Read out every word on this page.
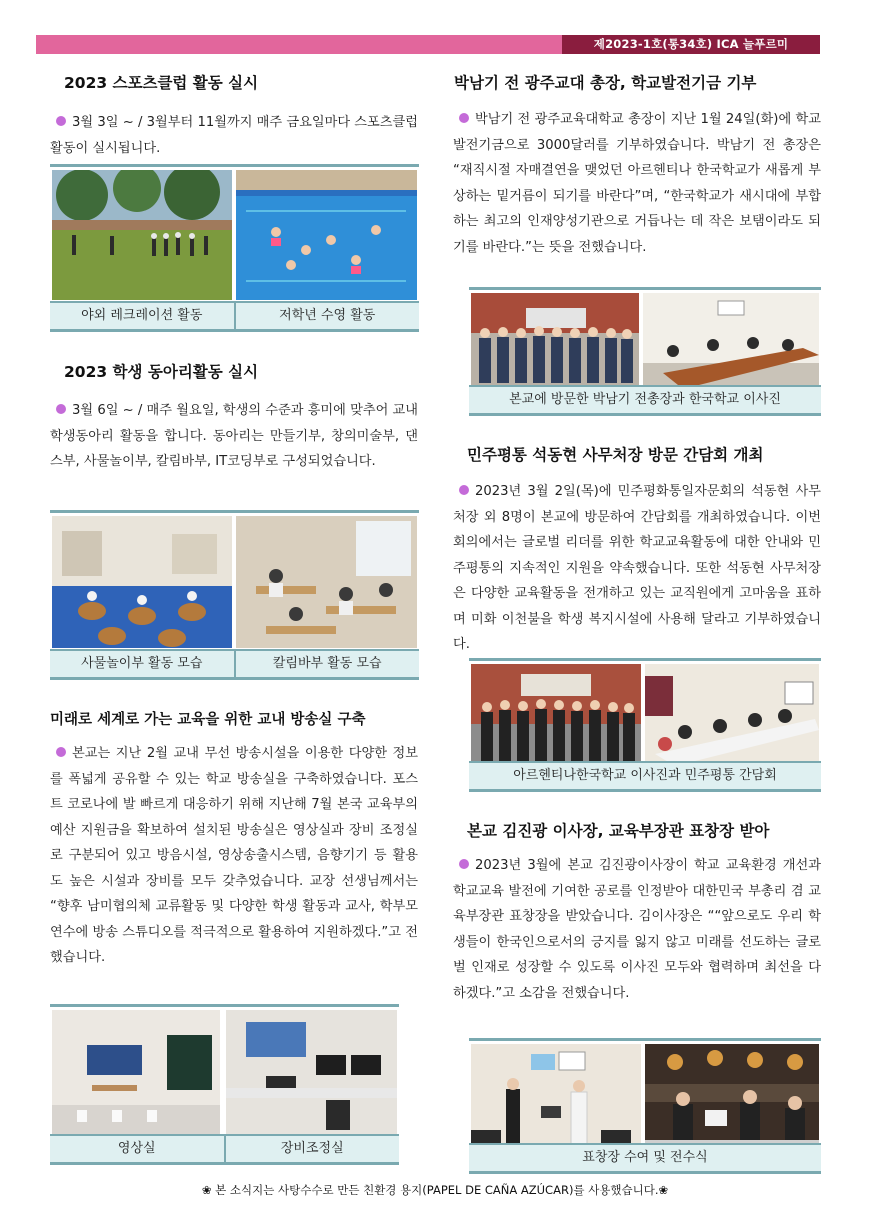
제2023-1호(통34호) ICA 늘푸르미
2023 스포츠클럽 활동 실시
3월 3일 ~ / 3월부터 11월까지 매주 금요일마다 스포츠클럽 활동이 실시됩니다.
야외 레크레이션 활동	저학년 수영 활동
2023 학생 동아리활동 실시
3월 6일 ~ / 매주 월요일, 학생의 수준과 흥미에 맞추어 교내 학생동아리 활동을 합니다. 동아리는 만들기부, 창의미술부, 댄스부, 사물놀이부, 칼림바부, IT코딩부로 구성되었습니다.
사물놀이부 활동 모습	칼림바부 활동 모습
미래로 세계로 가는 교육을 위한 교내 방송실 구축
본교는 지난 2월 교내 무선 방송시설을 이용한 다양한 정보를 폭넓게 공유할 수 있는 학교 방송실을 구축하였습니다. 포스트 코로나에 발 빠르게 대응하기 위해 지난해 7월 본국 교육부의 예산 지원금을 확보하여 설치된 방송실은 영상실과 장비 조정실로 구분되어 있고 방음시설, 영상송출시스템, 음향기기 등 활용도 높은 시설과 장비를 모두 갖추었습니다. 교장 선생님께서는 “향후 남미협의체 교류활동 및 다양한 학생 활동과 교사, 학부모 연수에 방송 스튜디오를 적극적으로 활용하여 지원하겠다.”고 전했습니다.
영상실	장비조정실
박남기 전 광주교대 총장, 학교발전기금 기부
박남기 전 광주교육대학교 총장이 지난 1월 24일(화)에 학교발전기금으로 3000달러를 기부하였습니다. 박남기 전 총장은 “재직시절 자매결연을 맺었던 아르헨티나 한국학교가 새롭게 부상하는 밑거름이 되기를 바란다”며, “한국학교가 새시대에 부합하는 최고의 인재양성기관으로 거듭나는 데 작은 보탬이라도 되기를 바란다.”는 뜻을 전했습니다.
본교에 방문한 박남기 전총장과 한국학교 이사진
민주평통 석동현 사무처장 방문 간담회 개최
2023년 3월 2일(목)에 민주평화통일자문회의 석동현 사무처장 외 8명이 본교에 방문하여 간담회를 개최하였습니다. 이번 회의에서는 글로벌 리더를 위한 학교교육활동에 대한 안내와 민주평통의 지속적인 지원을 약속했습니다. 또한 석동현 사무처장은 다양한 교육활동을 전개하고 있는 교직원에게 고마움을 표하며 미화 이천불을 학생 복지시설에 사용해 달라고 기부하였습니다.
아르헨티나한국학교 이사진과 민주평통 간담회
본교 김진광 이사장, 교육부장관 표창장 받아
2023년 3월에 본교 김진광이사장이 학교 교육환경 개선과 학교교육 발전에 기여한 공로를 인정받아 대한민국 부총리 겸 교육부장관 표창장을 받았습니다. 김이사장은 ““앞으로도 우리 학생들이 한국인으로서의 긍지를 잃지 않고 미래를 선도하는 글로벌 인재로 성장할 수 있도록 이사진 모두와 협력하며 최선을 다하겠다.”고 소감을 전했습니다.
표창장 수여 및 전수식
❀ 본 소식지는 사탕수수로 만든 친환경 용지(PAPEL DE CAÑA AZÚCAR)를 사용했습니다.❀
